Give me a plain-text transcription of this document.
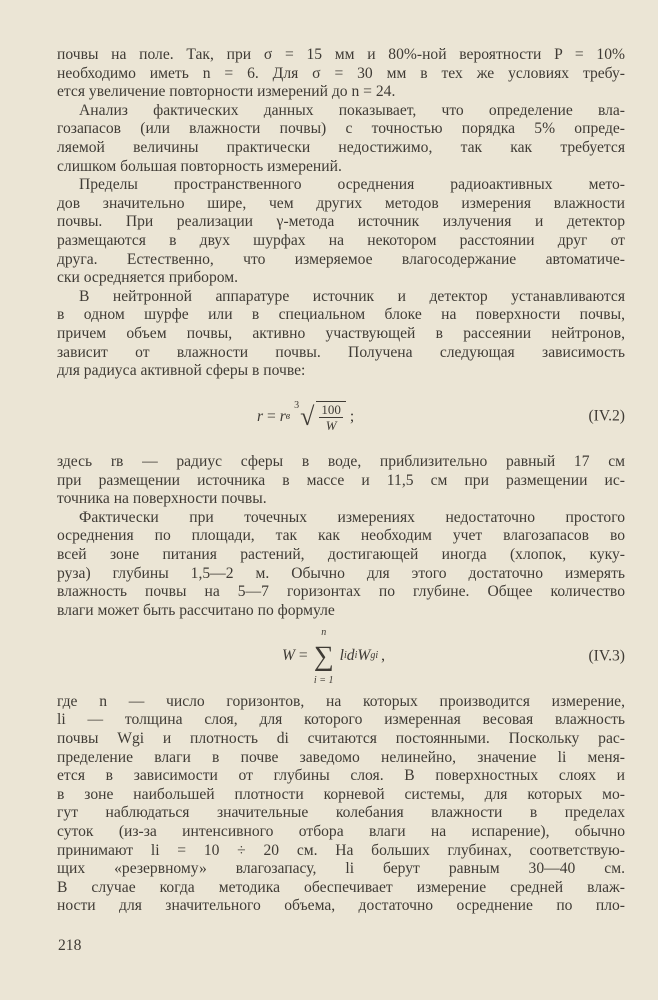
почвы на поле. Так, при σ = 15 мм и 80%-ной вероятности P = 10%
необходимо иметь n = 6. Для σ = 30 мм в тех же условиях требу-
ется увеличение повторности измерений до n = 24.
Анализ фактических данных показывает, что определение вла-
гозапасов (или влажности почвы) с точностью порядка 5% опреде-
ляемой величины практически недостижимо, так как требуется
слишком большая повторность измерений.
Пределы пространственного осреднения радиоактивных мето-
дов значительно шире, чем других методов измерения влажности
почвы. При реализации γ-метода источник излучения и детектор
размещаются в двух шурфах на некотором расстоянии друг от
друга. Естественно, что измеряемое влагосодержание автоматиче-
ски осредняется прибором.
В нейтронной аппаратуре источник и детектор устанавливаются
в одном шурфе или в специальном блоке на поверхности почвы,
причем объем почвы, активно участвующей в рассеянии нейтронов,
зависит от влажности почвы. Получена следующая зависимость
для радиуса активной сферы в почве:
r
=
r в
3 √ $\frac{100}{W}$ ;	(IV.2)
здесь rв — радиус сферы в воде, приблизительно равный 17 см
при размещении источника в массе и 11,5 см при размещении ис-
точника на поверхности почвы.
Фактически при точечных измерениях недостаточно простого
осреднения по площади, так как необходим учет влагозапасов во
всей зоне питания растений, достигающей иногда (хлопок, куку-
руза) глубины 1,5—2 м. Обычно для этого достаточно измерять
влажность почвы на 5—7 горизонтах по глубине. Общее количество
влаги может быть рассчитано по формуле
W
=
n
∑
i = 1
l i d i W gi ,	(IV.3)
где n — число горизонтов, на которых производится измерение,
li — толщина слоя, для которого измеренная весовая влажность
почвы Wgi и плотность di считаются постоянными. Поскольку рас-
пределение влаги в почве заведомо нелинейно, значение li меня-
ется в зависимости от глубины слоя. В поверхностных слоях и
в зоне наибольшей плотности корневой системы, для которых мо-
гут наблюдаться значительные колебания влажности в пределах
суток (из-за интенсивного отбора влаги на испарение), обычно
принимают li = 10 ÷ 20 см. На больших глубинах, соответствую-
щих «резервному» влагозапасу, li берут равным 30—40 см.
В случае когда методика обеспечивает измерение средней влаж-
ности для значительного объема, достаточно осреднение по пло-
218
